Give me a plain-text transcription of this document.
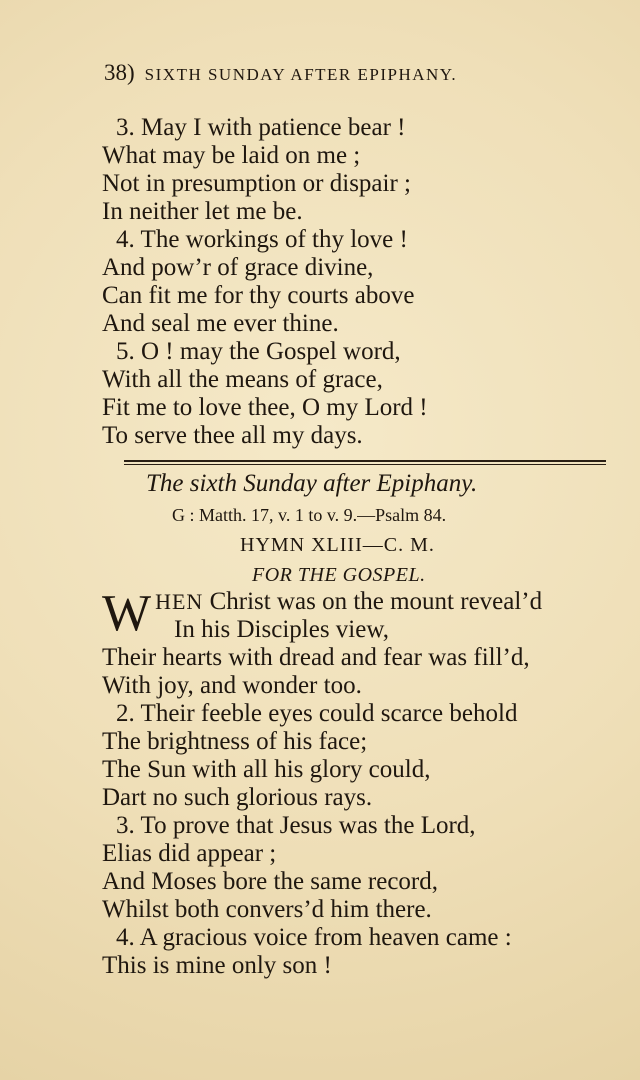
38) SIXTH SUNDAY AFTER EPIPHANY.
3. May I with patience bear !
What may be laid on me ;
Not in presumption or dispair ;
In neither let me be.
4. The workings of thy love !
And pow’r of grace divine,
Can fit me for thy courts above
And seal me ever thine.
5. O ! may the Gospel word,
With all the means of grace,
Fit me to love thee, O my Lord !
To serve thee all my days.
The sixth Sunday after Epiphany.
G : Matth. 17, v. 1 to v. 9.—Psalm 84.
HYMN XLIII—C. M.
FOR THE GOSPEL.
WHEN Christ was on the mount reveal’d
In his Disciples view,
Their hearts with dread and fear was fill’d,
With joy, and wonder too.
2. Their feeble eyes could scarce behold
The brightness of his face;
The Sun with all his glory could,
Dart no such glorious rays.
3. To prove that Jesus was the Lord,
Elias did appear ;
And Moses bore the same record,
Whilst both convers’d him there.
4. A gracious voice from heaven came :
This is mine only son !
